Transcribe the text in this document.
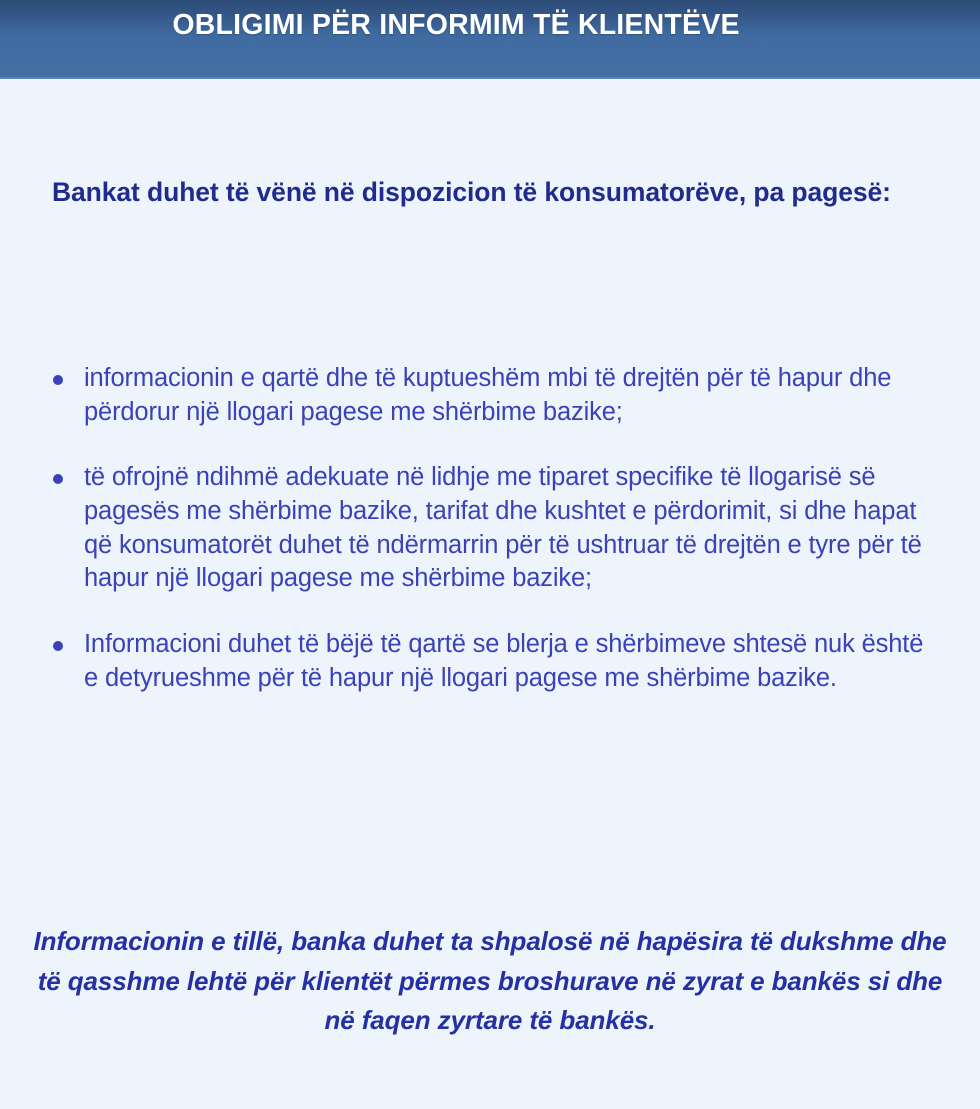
OBLIGIMI PËR INFORMIM TË KLIENTËVE
Bankat duhet të vënë në dispozicion të konsumatorëve, pa pagesë:
informacionin e qartë dhe të kuptueshëm mbi të drejtën për të hapur dhe përdorur një llogari pagese me shërbime bazike;
të ofrojnë ndihmë adekuate në lidhje me tiparet specifike të llogarisë së pagesës me shërbime bazike, tarifat dhe kushtet e përdorimit, si dhe hapat që konsumatorët duhet të ndërmarrin për të ushtruar të drejtën e tyre për të hapur një llogari pagese me shërbime bazike;
Informacioni duhet të bëjë të qartë se blerja e shërbimeve shtesë nuk është e detyrueshme për të hapur një llogari pagese me shërbime bazike.
Informacionin e tillë, banka duhet ta shpalosë në hapësira të dukshme dhe të qasshme lehtë për klientët përmes broshurave në zyrat e bankës si dhe në faqen zyrtare të bankës.
